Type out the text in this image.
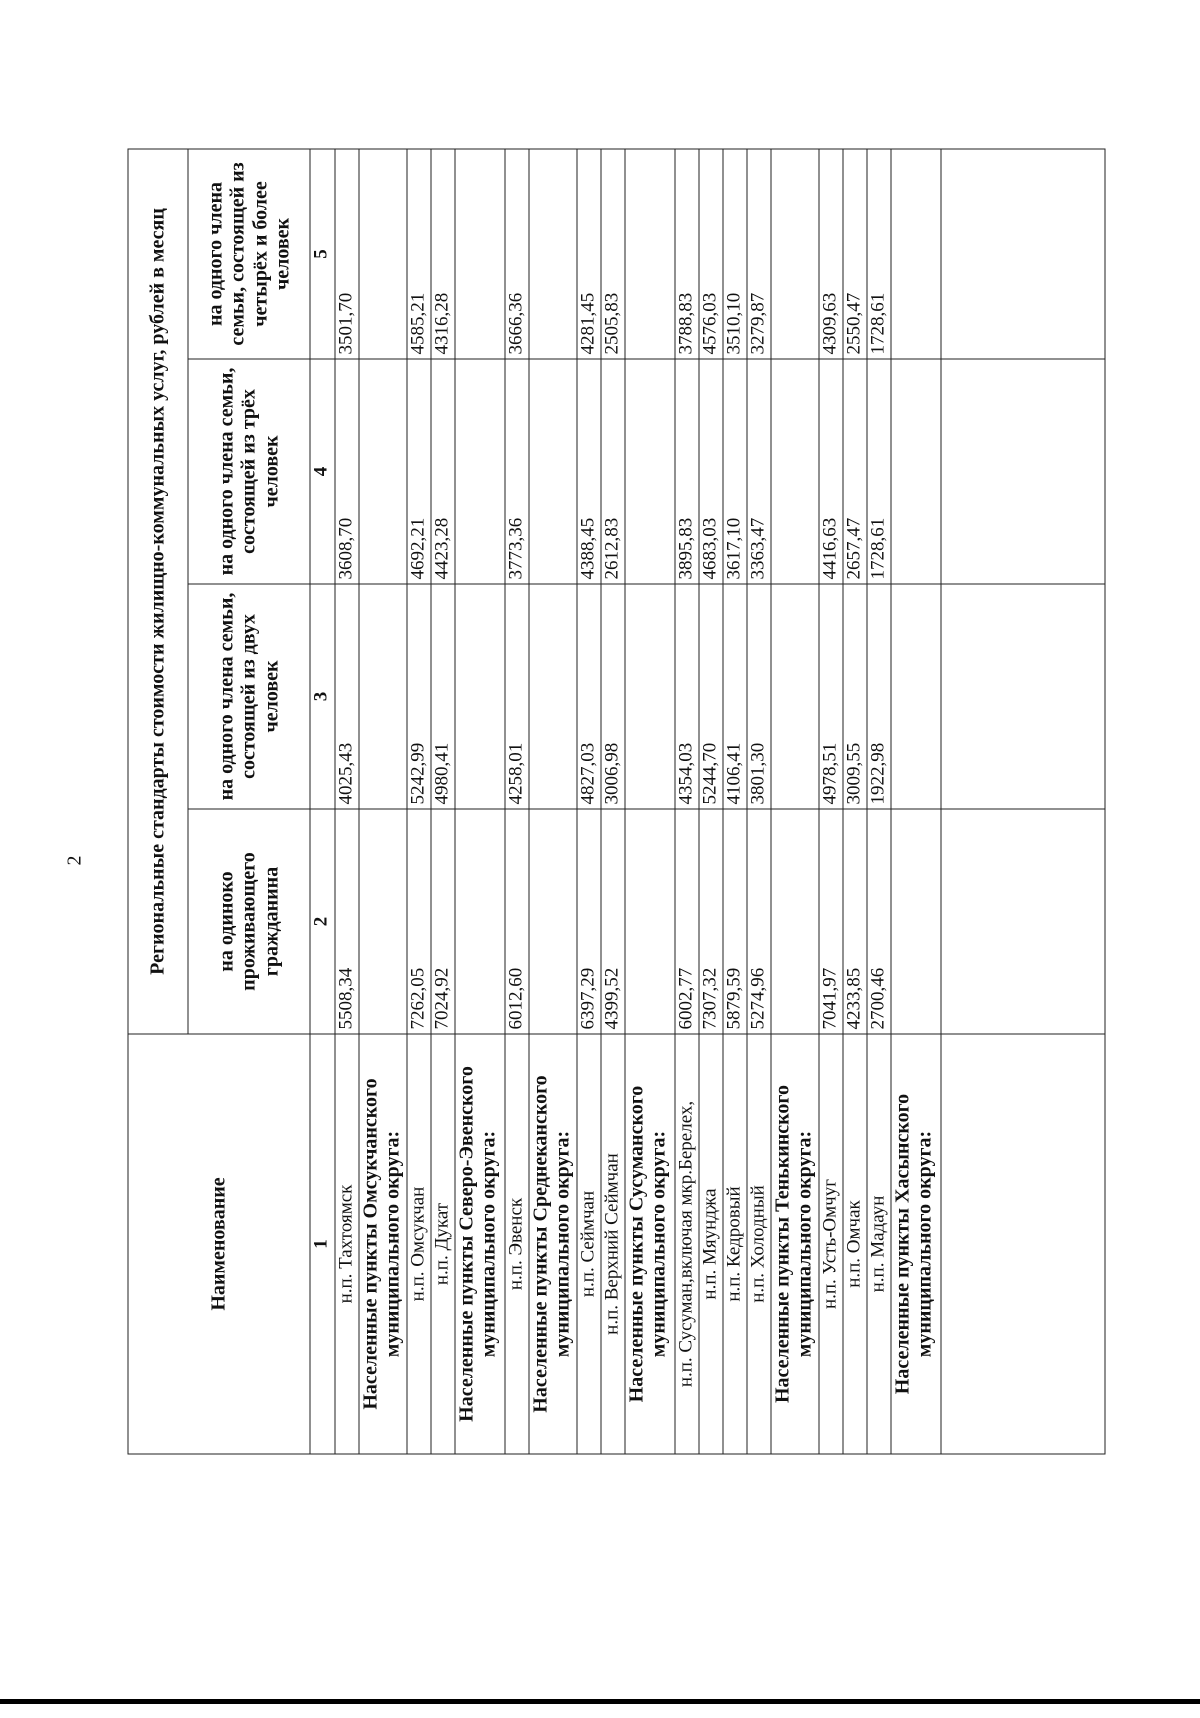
2
Наименование	Региональные стандарты стоимости жилищно-коммунальных услуг, рублей в месяц			
	на одиноко проживающего гражданина	на одного члена семьи, состоящей из двух человек	на одного члена семьи, состоящей из трёх человек	на одного члена семьи, состоящей из четырёх и более человек
1	2	3	4	5
н.п. Тахтоямск	5508,34	4025,43	3608,70	3501,70
Населенные пункты Омсукчанского муниципального округа:				
н.п. Омсукчан	7262,05	5242,99	4692,21	4585,21
н.п. Дукат	7024,92	4980,41	4423,28	4316,28
Населенные пункты Северо-Эвенского муниципального округа:				
н.п. Эвенск	6012,60	4258,01	3773,36	3666,36
Населенные пункты Среднеканского муниципального округа:				
н.п. Сеймчан	6397,29	4827,03	4388,45	4281,45
н.п. Верхний Сеймчан	4399,52	3006,98	2612,83	2505,83
Населенные пункты Сусуманского муниципального округа:				
н.п. Сусуман,включая мкр.Берелех,	6002,77	4354,03	3895,83	3788,83
н.п. Мяунджа	7307,32	5244,70	4683,03	4576,03
н.п. Кедровый	5879,59	4106,41	3617,10	3510,10
н.п. Холодный	5274,96	3801,30	3363,47	3279,87
Населенные пункты Тенькинского муниципального округа:				
н.п. Усть-Омчуг	7041,97	4978,51	4416,63	4309,63
н.п. Омчак	4233,85	3009,55	2657,47	2550,47
н.п. Мадаун	2700,46	1922,98	1728,61	1728,61
Населенные пункты Хасынского муниципального округа:				
